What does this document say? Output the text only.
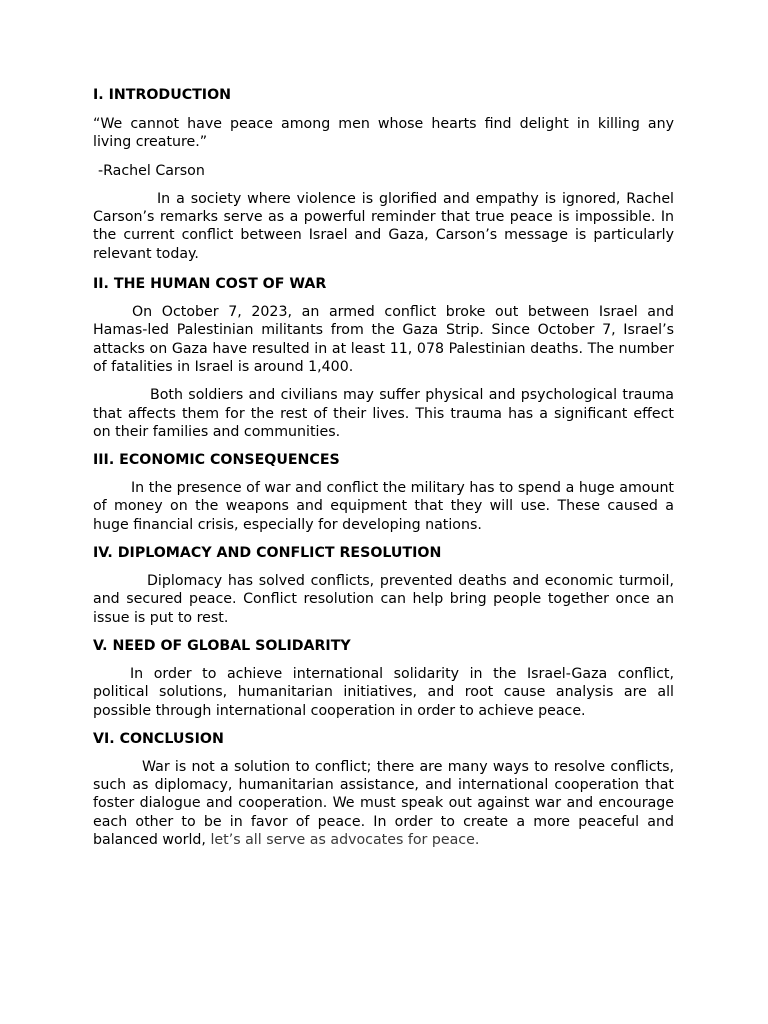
I. INTRODUCTION
“We cannot have peace among men whose hearts find delight in killing any living creature.”
-Rachel Carson
In a society where violence is glorified and empathy is ignored, Rachel Carson’s remarks serve as a powerful reminder that true peace is impossible. In the current conflict between Israel and Gaza, Carson’s message is particularly relevant today.
II. THE HUMAN COST OF WAR
On October 7, 2023, an armed conflict broke out between Israel and Hamas-led Palestinian militants from the Gaza Strip. Since October 7, Israel’s attacks on Gaza have resulted in at least 11, 078 Palestinian deaths. The number of fatalities in Israel is around 1,400.
Both soldiers and civilians may suffer physical and psychological trauma that affects them for the rest of their lives. This trauma has a significant effect on their families and communities.
III. ECONOMIC CONSEQUENCES
In the presence of war and conflict the military has to spend a huge amount of money on the weapons and equipment that they will use. These caused a huge financial crisis, especially for developing nations.
IV. DIPLOMACY AND CONFLICT RESOLUTION
Diplomacy has solved conflicts, prevented deaths and economic turmoil, and secured peace. Conflict resolution can help bring people together once an issue is put to rest.
V. NEED OF GLOBAL SOLIDARITY
In order to achieve international solidarity in the Israel-Gaza conflict, political solutions, humanitarian initiatives, and root cause analysis are all possible through international cooperation in order to achieve peace.
VI. CONCLUSION
War is not a solution to conflict; there are many ways to resolve conflicts, such as diplomacy, humanitarian assistance, and international cooperation that foster dialogue and cooperation. We must speak out against war and encourage each other to be in favor of peace. In order to create a more peaceful and balanced world, let’s all serve as advocates for peace.
